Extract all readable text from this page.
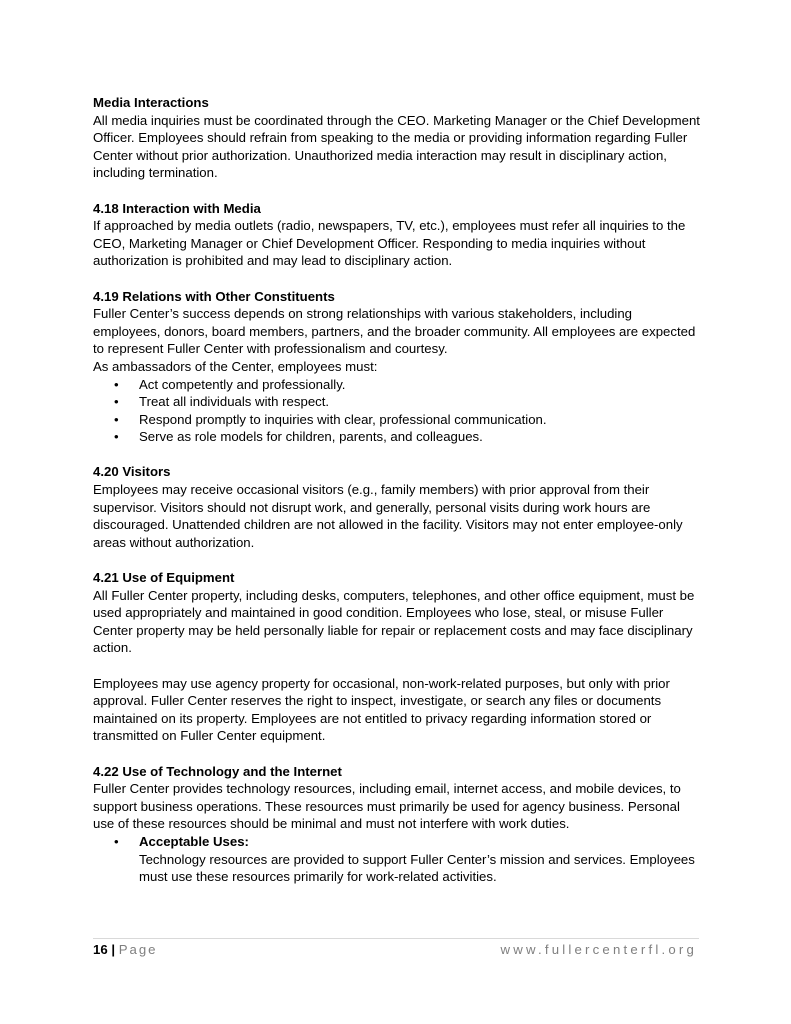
Media Interactions

All media inquiries must be coordinated through the CEO. Marketing Manager or the Chief Development Officer. Employees should refrain from speaking to the media or providing information regarding Fuller Center without prior authorization. Unauthorized media interaction may result in disciplinary action, including termination.

4.18 Interaction with Media

If approached by media outlets (radio, newspapers, TV, etc.), employees must refer all inquiries to the CEO, Marketing Manager or Chief Development Officer. Responding to media inquiries without authorization is prohibited and may lead to disciplinary action.

4.19 Relations with Other Constituents

Fuller Center’s success depends on strong relationships with various stakeholders, including employees, donors, board members, partners, and the broader community. All employees are expected to represent Fuller Center with professionalism and courtesy.

As ambassadors of the Center, employees must:

• Act competently and professionally.
• Treat all individuals with respect.
• Respond promptly to inquiries with clear, professional communication.
• Serve as role models for children, parents, and colleagues.

4.20 Visitors

Employees may receive occasional visitors (e.g., family members) with prior approval from their supervisor. Visitors should not disrupt work, and generally, personal visits during work hours are discouraged. Unattended children are not allowed in the facility. Visitors may not enter employee-only areas without authorization.

4.21 Use of Equipment

All Fuller Center property, including desks, computers, telephones, and other office equipment, must be used appropriately and maintained in good condition. Employees who lose, steal, or misuse Fuller Center property may be held personally liable for repair or replacement costs and may face disciplinary action.

Employees may use agency property for occasional, non-work-related purposes, but only with prior approval. Fuller Center reserves the right to inspect, investigate, or search any files or documents maintained on its property. Employees are not entitled to privacy regarding information stored or transmitted on Fuller Center equipment.

4.22 Use of Technology and the Internet

Fuller Center provides technology resources, including email, internet access, and mobile devices, to support business operations. These resources must primarily be used for agency business. Personal use of these resources should be minimal and must not interfere with work duties.

• Acceptable Uses:
Technology resources are provided to support Fuller Center’s mission and services. Employees must use these resources primarily for work-related activities.
16 | Page	www.fullercenterfl.org
